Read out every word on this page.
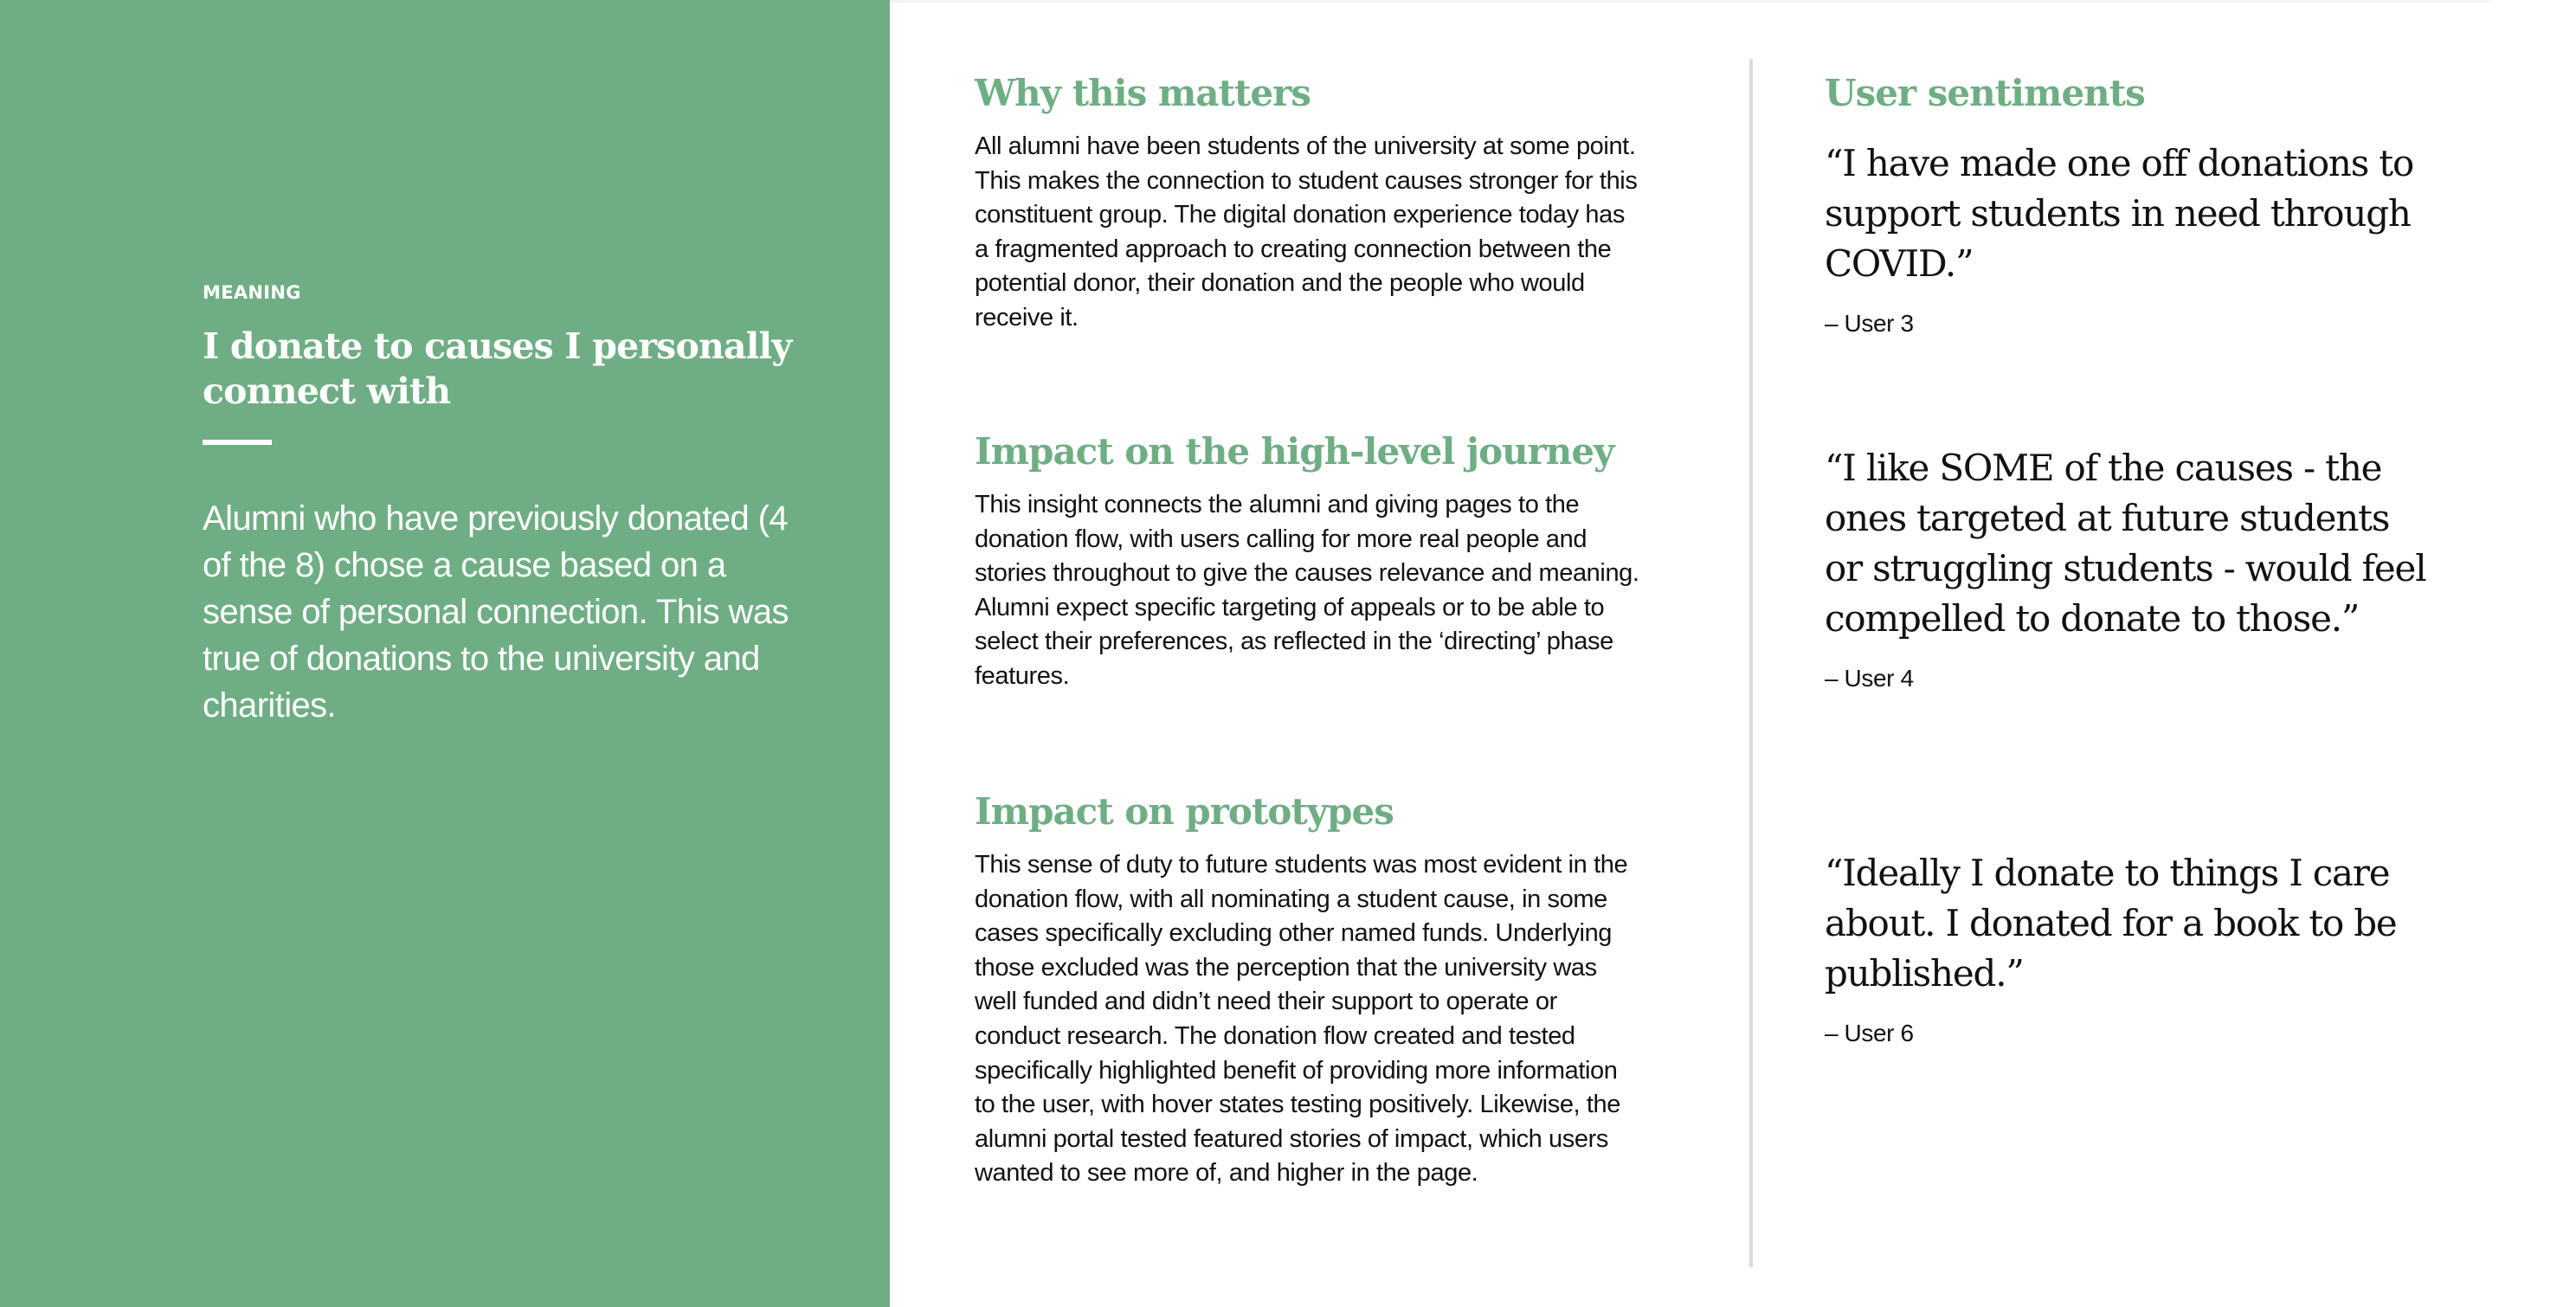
MEANING
I donate to causes I personally connect with
Alumni who have previously donated (4 of the 8) chose a cause based on a sense of personal connection. This was true of donations to the university and charities.
Why this matters
All alumni have been students of the university at some point. This makes the connection to student causes stronger for this constituent group. The digital donation experience today has a fragmented approach to creating connection between the potential donor, their donation and the people who would receive it.
Impact on the high-level journey
This insight connects the alumni and giving pages to the donation flow, with users calling for more real people and stories throughout to give the causes relevance and meaning. Alumni expect specific targeting of appeals or to be able to select their preferences, as reflected in the ‘directing’ phase features.
Impact on prototypes
This sense of duty to future students was most evident in the donation flow, with all nominating a student cause, in some cases specifically excluding other named funds. Underlying those excluded was the perception that the university was well funded and didn’t need their support to operate or conduct research. The donation flow created and tested specifically highlighted benefit of providing more information to the user, with hover states testing positively. Likewise, the alumni portal tested featured stories of impact, which users wanted to see more of, and higher in the page.
User sentiments
“I have made one off donations to support students in need through COVID.”
– User 3
“I like SOME of the causes - the ones targeted at future students or struggling students - would feel compelled to donate to those.”
– User 4
“Ideally I donate to things I care about. I donated for a book to be published.”
– User 6
